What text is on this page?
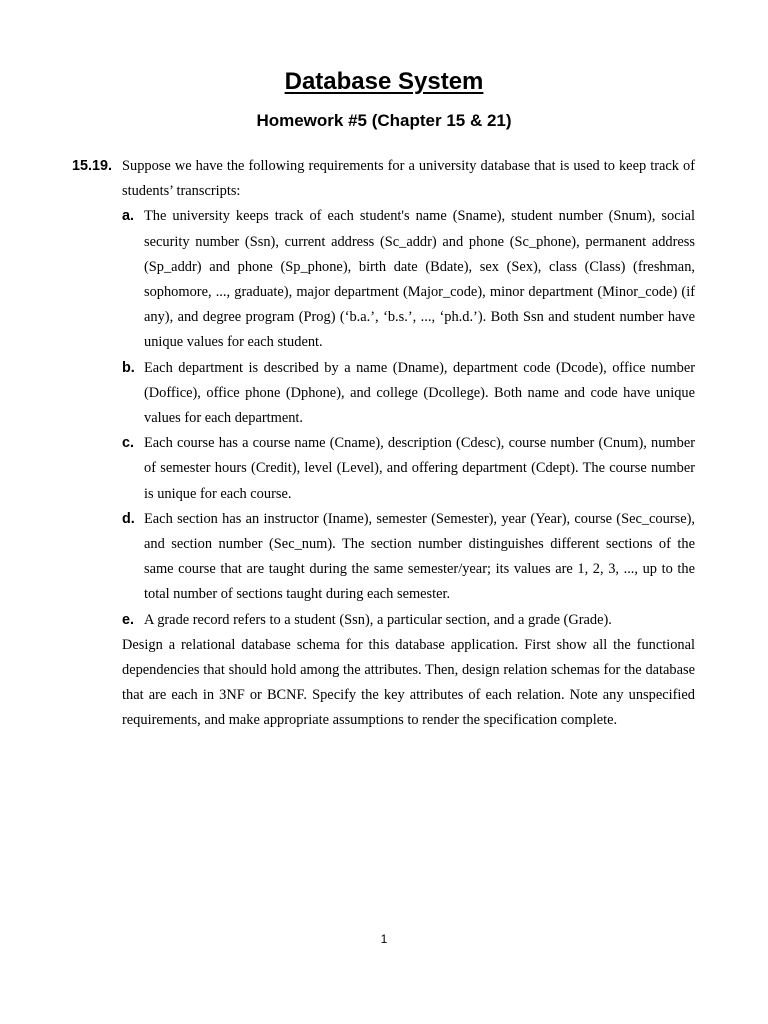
Database System
Homework #5 (Chapter 15 & 21)
15.19. Suppose we have the following requirements for a university database that is used to keep track of students’ transcripts:
a. The university keeps track of each student's name (Sname), student number (Snum), social security number (Ssn), current address (Sc_addr) and phone (Sc_phone), permanent address (Sp_addr) and phone (Sp_phone), birth date (Bdate), sex (Sex), class (Class) (freshman, sophomore, ..., graduate), major department (Major_code), minor department (Minor_code) (if any), and degree program (Prog) (‘b.a.’, ‘b.s.’, ..., ‘ph.d.’). Both Ssn and student number have unique values for each student.
b. Each department is described by a name (Dname), department code (Dcode), office number (Doffice), office phone (Dphone), and college (Dcollege). Both name and code have unique values for each department.
c. Each course has a course name (Cname), description (Cdesc), course number (Cnum), number of semester hours (Credit), level (Level), and offering department (Cdept). The course number is unique for each course.
d. Each section has an instructor (Iname), semester (Semester), year (Year), course (Sec_course), and section number (Sec_num). The section number distinguishes different sections of the same course that are taught during the same semester/year; its values are 1, 2, 3, ..., up to the total number of sections taught during each semester.
e. A grade record refers to a student (Ssn), a particular section, and a grade (Grade).
Design a relational database schema for this database application. First show all the functional dependencies that should hold among the attributes. Then, design relation schemas for the database that are each in 3NF or BCNF. Specify the key attributes of each relation. Note any unspecified requirements, and make appropriate assumptions to render the specification complete.
1
